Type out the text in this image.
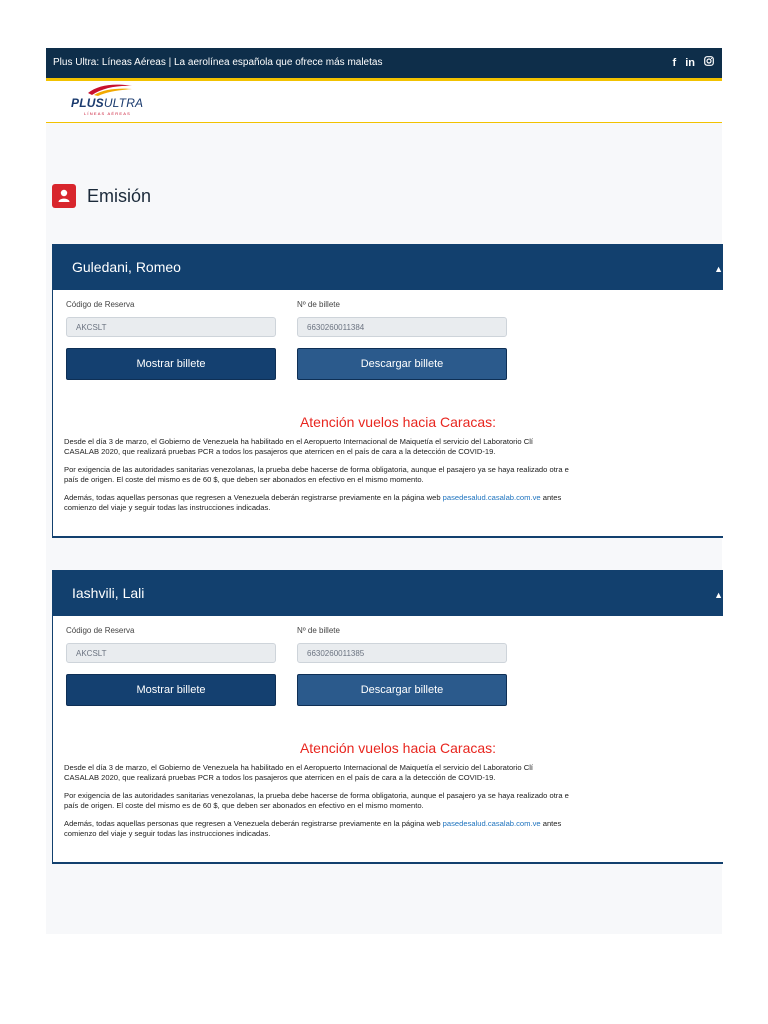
Plus Ultra: Líneas Aéreas | La aerolínea española que ofrece más maletas	f in
PLUSULTRA
LÍNEAS AÉREAS
Emisión
Guledani, Romeo	▲
Código de Reserva
AKCSLT
Nº de billete
6630260011384
Mostrar billete	Descargar billete
Atención vuelos hacia Caracas:

Desde el día 3 de marzo, el Gobierno de Venezuela ha habilitado en el Aeropuerto Internacional de Maiquetía el servicio del Laboratorio Clí
CASALAB 2020, que realizará pruebas PCR a todos los pasajeros que aterricen en el país de cara a la detección de COVID-19.

Por exigencia de las autoridades sanitarias venezolanas, la prueba debe hacerse de forma obligatoria, aunque el pasajero ya se haya realizado otra e
país de origen. El coste del mismo es de 60 $, que deben ser abonados en efectivo en el mismo momento.

Además, todas aquellas personas que regresen a Venezuela deberán registrarse previamente en la página web pasedesalud.casalab.com.ve antes
comienzo del viaje y seguir todas las instrucciones indicadas.

Iashvili, Lali	▲
Código de Reserva
AKCSLT
Nº de billete
6630260011385
Mostrar billete	Descargar billete
Atención vuelos hacia Caracas:

Desde el día 3 de marzo, el Gobierno de Venezuela ha habilitado en el Aeropuerto Internacional de Maiquetía el servicio del Laboratorio Clí
CASALAB 2020, que realizará pruebas PCR a todos los pasajeros que aterricen en el país de cara a la detección de COVID-19.

Por exigencia de las autoridades sanitarias venezolanas, la prueba debe hacerse de forma obligatoria, aunque el pasajero ya se haya realizado otra e
país de origen. El coste del mismo es de 60 $, que deben ser abonados en efectivo en el mismo momento.

Además, todas aquellas personas que regresen a Venezuela deberán registrarse previamente en la página web pasedesalud.casalab.com.ve antes
comienzo del viaje y seguir todas las instrucciones indicadas.
